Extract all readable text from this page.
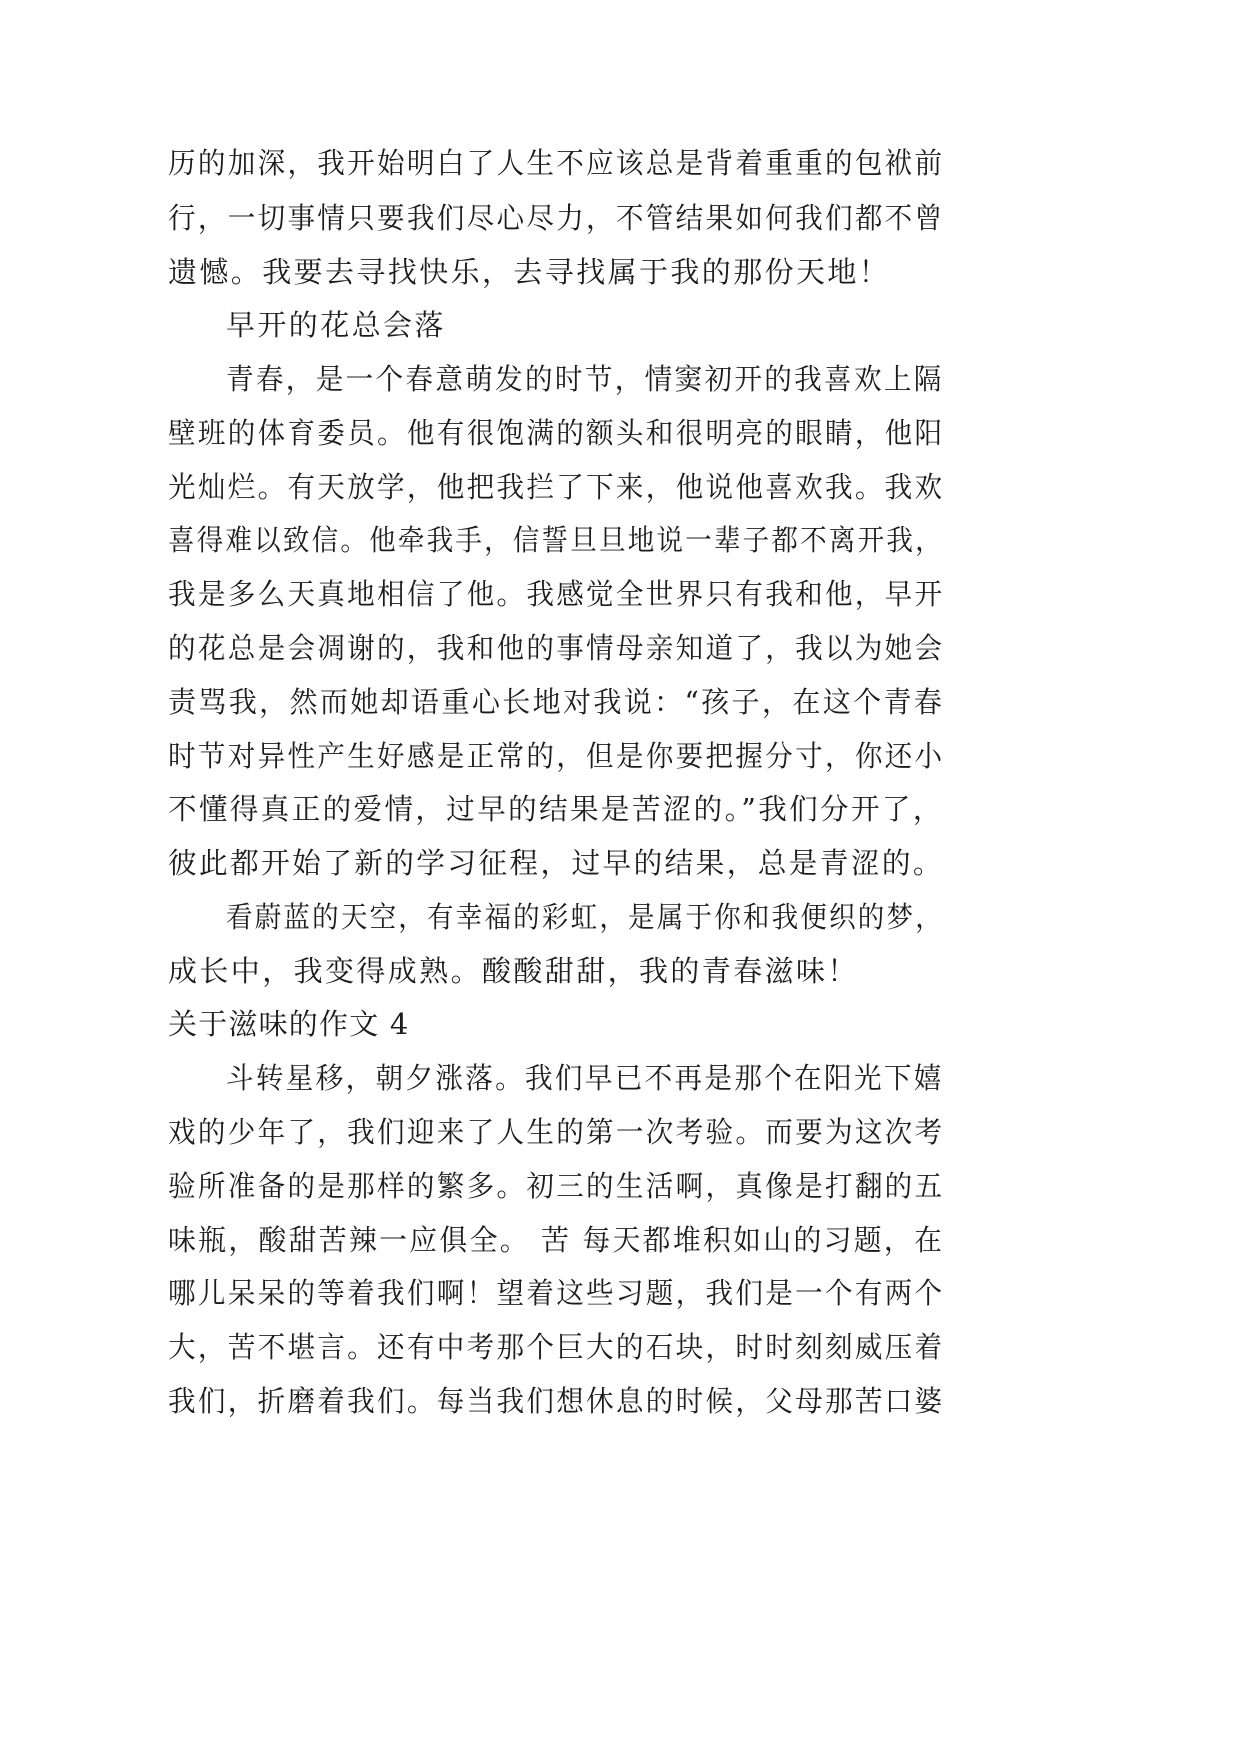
历的加深，我开始明白了人生不应该总是背着重重的包袱前
行，一切事情只要我们尽心尽力，不管结果如何我们都不曾
遗憾。我要去寻找快乐，去寻找属于我的那份天地！
早开的花总会落
青春，是一个春意萌发的时节，情窦初开的我喜欢上隔
壁班的体育委员。他有很饱满的额头和很明亮的眼睛，他阳
光灿烂。有天放学，他把我拦了下来，他说他喜欢我。我欢
喜得难以致信。他牵我手，信誓旦旦地说一辈子都不离开我，
我是多么天真地相信了他。我感觉全世界只有我和他，早开
的花总是会凋谢的，我和他的事情母亲知道了，我以为她会
责骂我，然而她却语重心长地对我说：“孩子，在这个青春
时节对异性产生好感是正常的，但是你要把握分寸，你还小
不懂得真正的爱情，过早的结果是苦涩的。”我们分开了，
彼此都开始了新的学习征程，过早的结果，总是青涩的。
看蔚蓝的天空，有幸福的彩虹，是属于你和我便织的梦，
成长中，我变得成熟。酸酸甜甜，我的青春滋味！
关于滋味的作文 4
斗转星移，朝夕涨落。我们早已不再是那个在阳光下嬉
戏的少年了，我们迎来了人生的第一次考验。而要为这次考
验所准备的是那样的繁多。初三的生活啊，真像是打翻的五
味瓶，酸甜苦辣一应俱全。 苦 每天都堆积如山的习题，在
哪儿呆呆的等着我们啊！望着这些习题，我们是一个有两个
大，苦不堪言。还有中考那个巨大的石块，时时刻刻威压着
我们，折磨着我们。每当我们想休息的时候，父母那苦口婆
